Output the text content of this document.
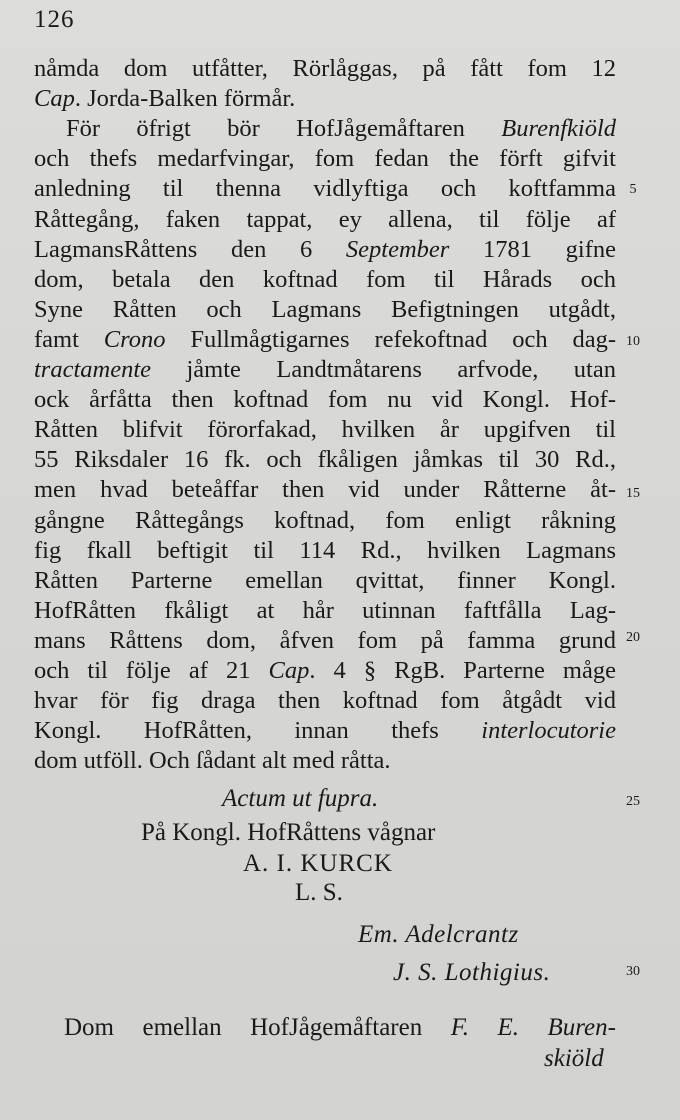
126
nåmda dom utfåtter, Rörlåggas, på fått fom 12
Cap. Jorda-Balken förmår.
För öfrigt bör HofJågemåftaren Burenfkiöld
och thefs medarfvingar, fom fedan the förft gifvit
anledning til thenna vidlyftiga och koftfamma
Råttegång, faken tappat, ey allena, til följe af
LagmansRåttens den 6 September 1781 gifne
dom, betala den koftnad fom til Hårads och
Syne Råtten och Lagmans Befigtningen utgådt,
famt Crono Fullmågtigarnes refekoftnad och dag-
tractamente jåmte Landtmåtarens arfvode, utan
ock årfåtta then koftnad fom nu vid Kongl. Hof-
Råtten blifvit förorfakad, hvilken år upgifven til
55 Riksdaler 16 fk. och fkåligen jåmkas til 30 Rd.,
men hvad beteåffar then vid under Råtterne åt-
gångne Råttegångs koftnad, fom enligt råkning
fig fkall beftigit til 114 Rd., hvilken Lagmans
Råtten Parterne emellan qvittat, finner Kongl.
HofRåtten fkåligt at hår utinnan faftfålla Lag-
mans Råttens dom, åfven fom på famma grund
och til följe af 21 Cap. 4 § RgB. Parterne måge
hvar för fig draga then koftnad fom åtgådt vid
Kongl. HofRåtten, innan thefs interlocutorie
dom utföll. Och ſådant alt med råtta.
5
10
15
20
25
30
Actum ut fupra.
På Kongl. HofRåttens vågnar
A. I. KURCK
L. S.
Em. Adelcrantz
J. S. Lothigius.
Dom emellan HofJågemåftaren F. E. Buren-
skiöld
